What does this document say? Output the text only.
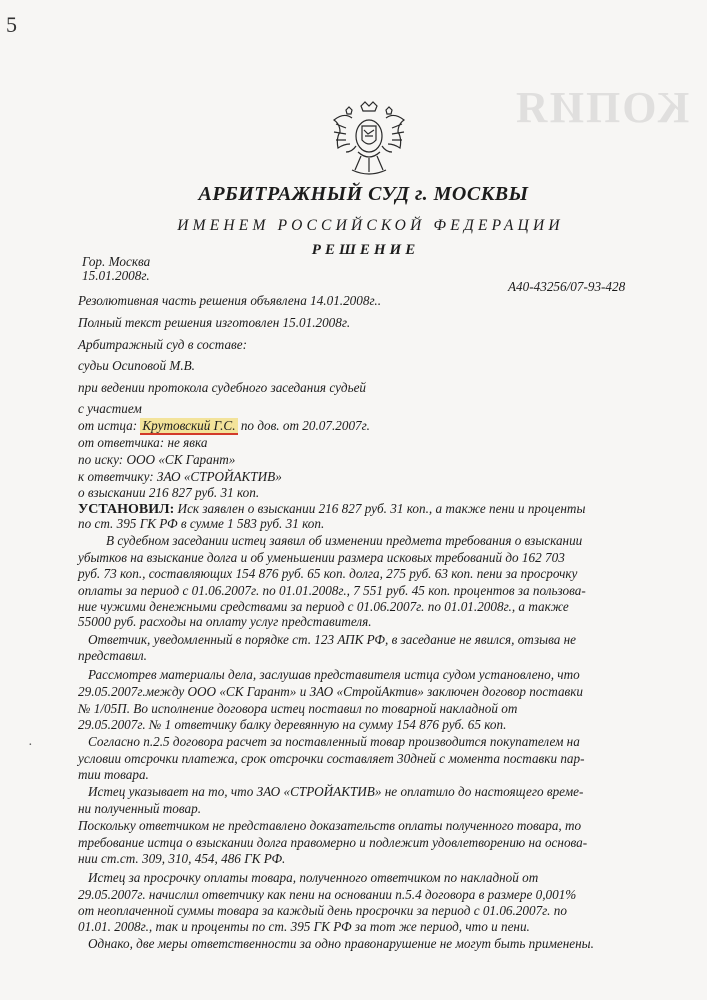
5
КОПИЯ
АРБИТРАЖНЫЙ СУД г. МОСКВЫ
ИМЕНЕМ РОССИЙСКОЙ ФЕДЕРАЦИИ
РЕШЕНИЕ
Гор. Москва
15.01.2008г.
А40-43256/07-93-428
Резолютивная часть решения объявлена 14.01.2008г..
Полный текст решения изготовлен 15.01.2008г.
Арбитражный суд в составе:
судьи Осиповой М.В.
при ведении протокола судебного заседания судьей
с участием
от истца: Крутовский Г.С. по дов. от 20.07.2007г.
от ответчика: не явка
по иску: ООО «СК Гарант»
к ответчику: ЗАО «СТРОЙАКТИВ»
о взыскании 216 827 руб. 31 коп.
УСТАНОВИЛ: Иск заявлен о взыскании 216 827 руб. 31 коп., а также пени и проценты
по ст. 395 ГК РФ в сумме 1 583 руб. 31 коп.
В судебном заседании истец заявил об изменении предмета требования о взыскании
убытков на взыскание долга и об уменьшении размера исковых требований до 162 703
руб. 73 коп., составляющих 154 876 руб. 65 коп. долга, 275 руб. 63 коп. пени за просрочку
оплаты за период с 01.06.2007г. по 01.01.2008г., 7 551 руб. 45 коп. процентов за пользова-
ние чужими денежными средствами за период с 01.06.2007г. по 01.01.2008г., а также
55000 руб. расходы на оплату услуг представителя.
Ответчик, уведомленный в порядке ст. 123 АПК РФ, в заседание не явился, отзыва не
представил.
Рассмотрев материалы дела, заслушав представителя истца судом установлено, что
29.05.2007г.между ООО «СК Гарант» и ЗАО «СтройАктив» заключен договор поставки
№ 1/05П. Во исполнение договора истец поставил по товарной накладной от
29.05.2007г. № 1 ответчику балку деревянную на сумму 154 876 руб. 65 коп.
·	Согласно п.2.5 договора расчет за поставленный товар производится покупателем на
условии отсрочки платежа, срок отсрочки составляет 30дней с момента поставки пар-
тии товара.
Истец указывает на то, что ЗАО «СТРОЙАКТИВ» не оплатило до настоящего време-
ни полученный товар.
Поскольку ответчиком не представлено доказательств оплаты полученного товара, то
требование истца о взыскании долга правомерно и подлежит удовлетворению на основа-
нии ст.ст. 309, 310, 454, 486 ГК РФ.
Истец за просрочку оплаты товара, полученного ответчиком по накладной от
29.05.2007г. начислил ответчику как пени на основании п.5.4 договора в размере 0,001%
от неоплаченной суммы товара за каждый день просрочки за период с 01.06.2007г. по
01.01. 2008г., так и проценты по ст. 395 ГК РФ за тот же период, что и пени.
Однако, две меры ответственности за одно правонарушение не могут быть применены.
